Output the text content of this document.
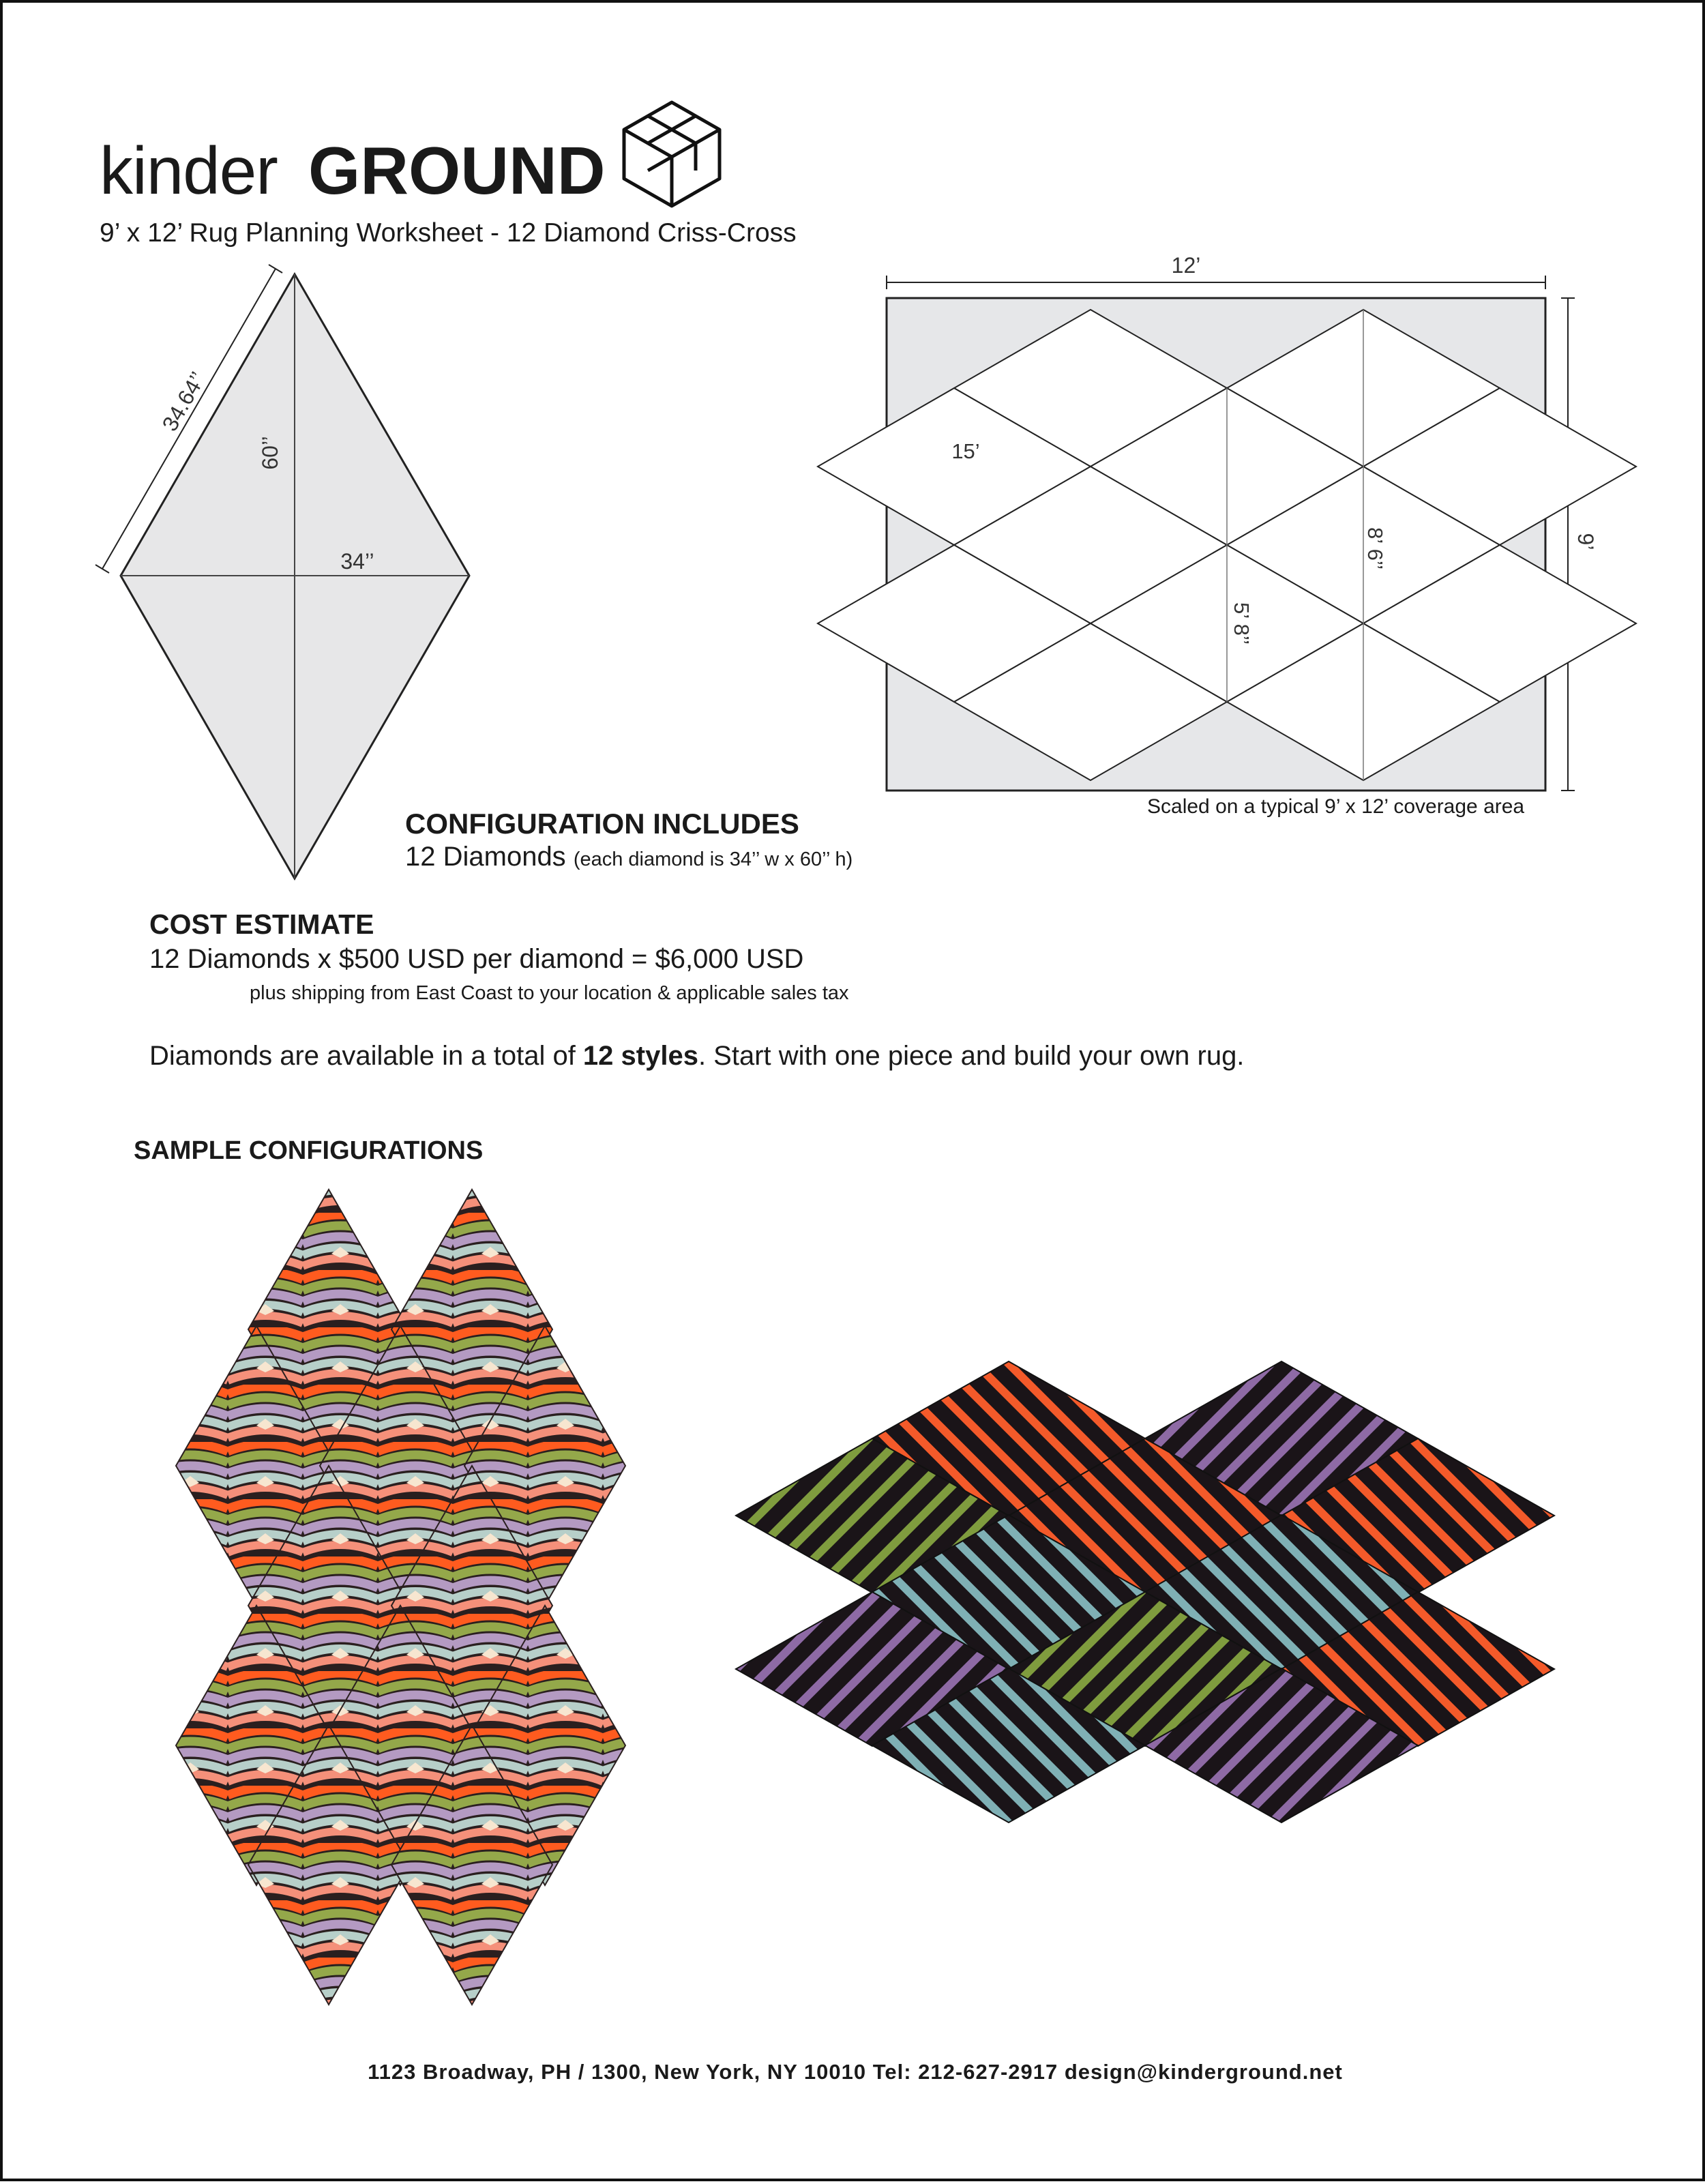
kinder GROUND
9’ x 12’ Rug Planning Worksheet - 12 Diamond Criss-Cross
34.64’’
60’’
34’’
12’
9’
15’
8’ 6’’
5’ 8’’
Scaled on a typical 9’ x 12’ coverage area
CONFIGURATION INCLUDES
12 Diamonds (each diamond is 34’’ w x 60’’ h)
COST ESTIMATE
12 Diamonds x $500 USD per diamond = $6,000 USD
plus shipping from East Coast to your location & applicable sales tax
Diamonds are available in a total of 12 styles. Start with one piece and build your own rug.
SAMPLE CONFIGURATIONS
1123 Broadway, PH / 1300, New York, NY 10010 Tel: 212-627-2917 design@kinderground.net
